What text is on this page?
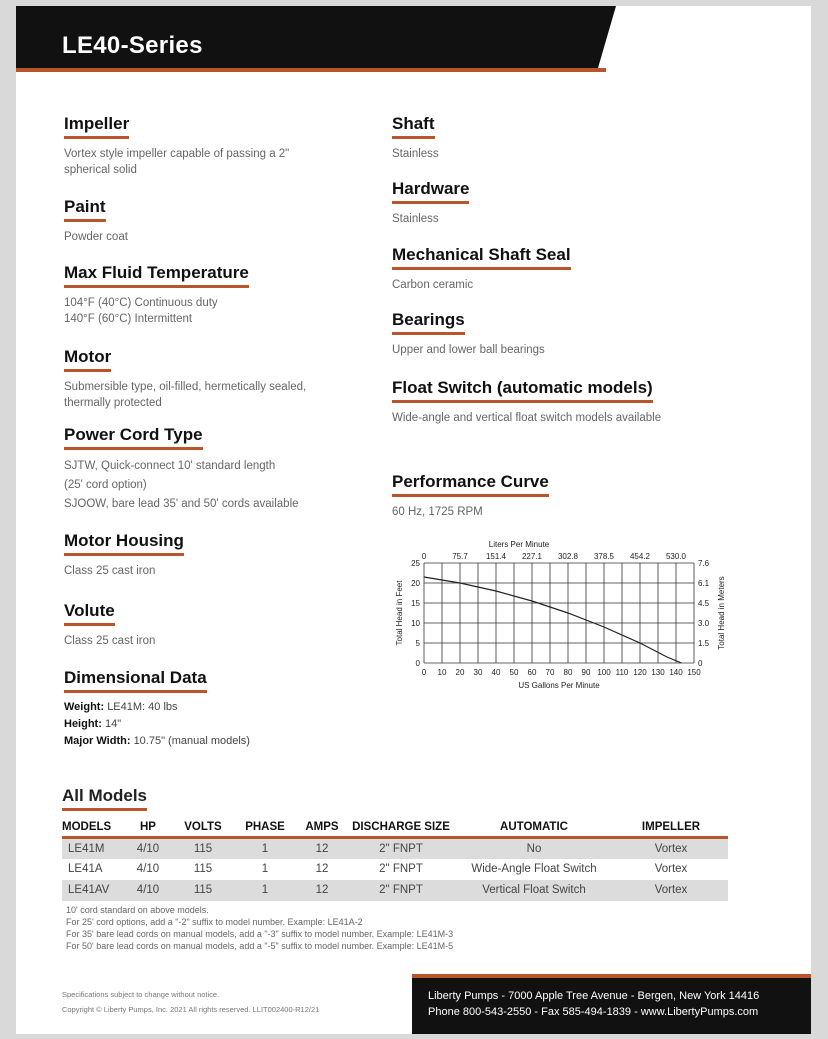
LE40-Series
Impeller

Vortex style impeller capable of passing a 2"
spherical solid

Paint

Powder coat

Max Fluid Temperature

104°F (40°C) Continuous duty
140°F (60°C) Intermittent

Motor

Submersible type, oil-filled, hermetically sealed,
thermally protected

Power Cord Type

SJTW, Quick-connect 10' standard length
(25' cord option)
SJOOW, bare lead 35' and 50' cords available

Motor Housing

Class 25 cast iron

Volute

Class 25 cast iron

Dimensional Data

Weight: LE41M: 40 lbs
Height: 14"
Major Width: 10.75" (manual models)

Shaft

Stainless

Hardware

Stainless

Mechanical Shaft Seal

Carbon ceramic

Bearings

Upper and lower ball bearings

Float Switch (automatic models)

Wide-angle and vertical float switch models available

Performance Curve

60 Hz, 1725 RPM

0 10 20 30 40 50 60 70 80 90 100 110 120 130 140 150
0
5
10
15
20
25
0
1.5
3.0
4.5
6.1
7.6
0	75.7 151.4 227.1 302.8 378.5 454.2 530.0
US Gallons Per Minute
Liters Per Minute
Total Head in Feet	Total Head in Meters
All Models
MODELS	HP	VOLTS	PHASE	AMPS	DISCHARGE SIZE	AUTOMATIC	IMPELLER
LE41M	4/10	115	1	12	2" FNPT	No	Vortex
LE41A	4/10	115	1	12	2" FNPT	Wide-Angle Float Switch	Vortex
LE41AV	4/10	115	1	12	2" FNPT	Vertical Float Switch	Vortex
10' cord standard on above models.
For 25' cord options, add a "-2" suffix to model number. Example: LE41A-2
For 35' bare lead cords on manual models, add a "-3" suffix to model number. Example: LE41M-3
For 50' bare lead cords on manual models, add a "-5" suffix to model number. Example: LE41M-5
Specifications subject to change without notice.
Copyright © Liberty Pumps, Inc. 2021 All rights reserved. LLIT002400-R12/21

Liberty Pumps - 7000 Apple Tree Avenue - Bergen, New York 14416

Phone 800-543-2550 - Fax 585-494-1839 - www.LibertyPumps.com
